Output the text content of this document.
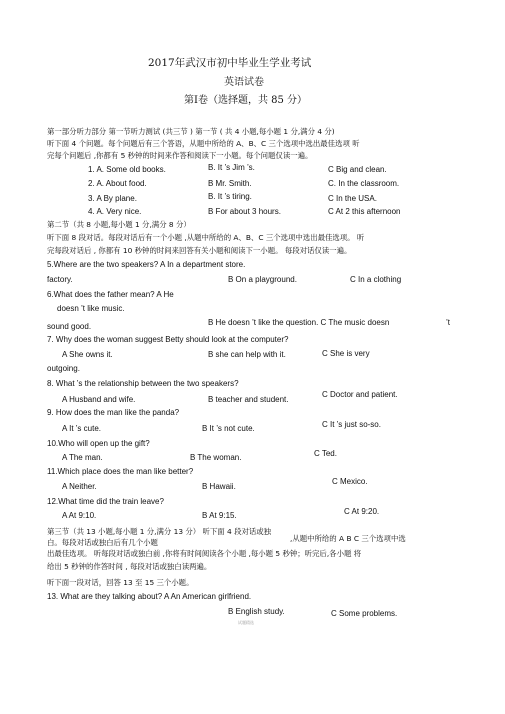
2017年武汉市初中毕业生学业考试
英语试卷
第Ⅰ卷（选择题，共 85 分）
第一部分听力部分 第一节听力测试 (共三节 ) 第一节 ( 共 4 小题,每小题 1 分,满分 4 分)
听下面 4 个问题。每个问题后有三个答语，从题中所给的 A、B、C 三个选项中选出最佳选项 听
完每个问题后 ,你都有 5 秒钟的时间来作答和阅读下一小题。每个问题仅读一遍。
1. A. Some old books.	B. It ’s Jim ’s.	C Big and clean.
2. A. About food.	B Mr. Smith.	C. In the classroom.
3. A By plane.	B. It ’s tiring.	C In the USA.
4. A. Very nice.	B For about 3 hours.	C At 2 this afternoon
第二节（共 8 小题,每小题 1 分,满分 8 分）
听下面 8 段对话。每段对话后有一个小题 ,从题中所给的 A、B、C 三个选项中选出最佳选项。 听
完每段对话后 , 你都有 10 秒钟的时间来回答有关小题和阅读下一小题。 每段对话仅读一遍。
5.Where are the two speakers? A In a department store.
factory.	B On a playground.	C In a clothing
6.What does the father mean? A He
doesn ’t like music.
sound good.	B He doesn ’t like the question. C The music doesn	’t
7. Why does the woman suggest Betty should look at the computer?
A She owns it.	B she can help with it.	C She is very
outgoing.
8. What ’s the relationship between the two speakers?
C Doctor and patient.
A Husband and wife.	B teacher and student.
9. How does the man like the panda?
C It ’s just so-so.
A It ’s cute.	B It ’s not cute.
10.Who will open up the gift?
C Ted.
A The man.	B The woman.
11.Which place does the man like better?
C Mexico.
A Neither.	B Hawaii.
12.What time did the train leave?
C At 9:20.
A At 9:10.	B At 9:15.
第三节（共 13 小题,每小题 1 分,满分 13 分） 听下面 4 段对话或独
,从题中所给的 A B C 三个选项中选
白。每段对话或独白后有几个小题
出最佳选项。 听每段对话或独白前 ,你将有时间阅读各个小题 ,每小题 5 秒钟；听完后,各小题 将
给出 5 秒钟的作答时间 , 每段对话或独白读两遍。
听下面一段对话，回答 13 至 15 三个小题。
13. What are they talking about? A An American girlfriend.
B English study.	C Some problems.
试题精选
